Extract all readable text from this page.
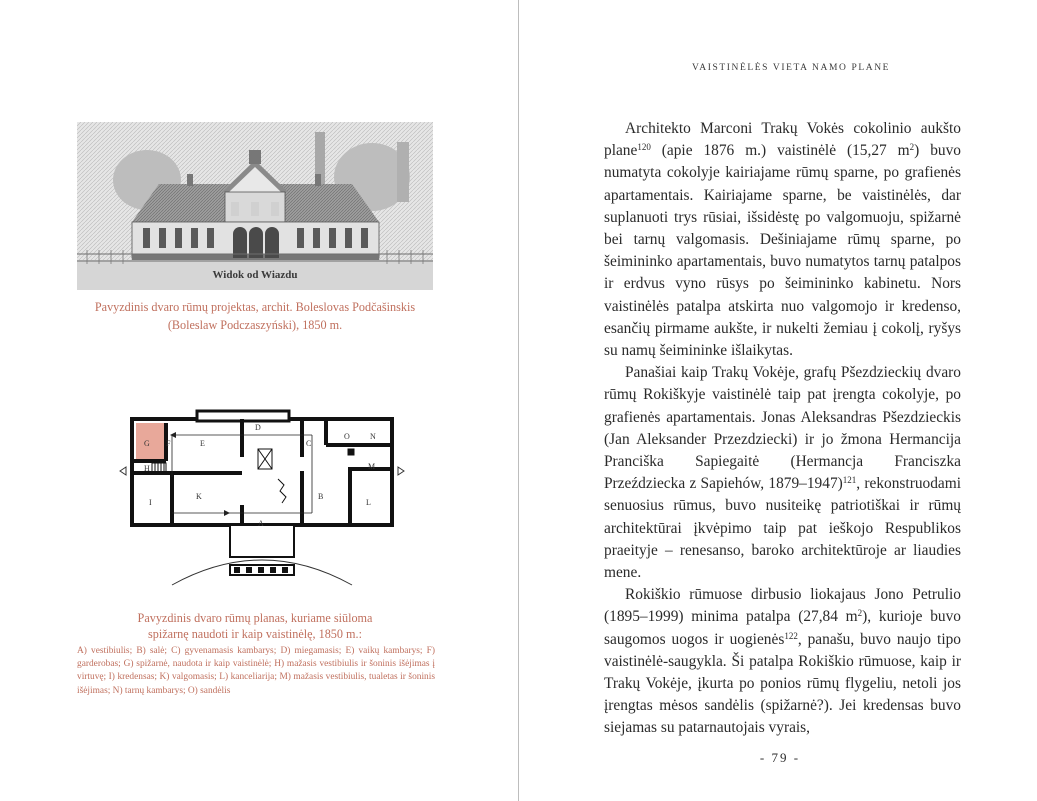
Widok od Wiazdu
Pavyzdinis dvaro rūmų projektas, archit. Boleslovas Podčašinskis (Boleslaw Podczaszyński), 1850 m.
D
G F	E	C
O	N
H	M
I
K	B
L
A
Pavyzdinis dvaro rūmų planas, kuriame siūloma
spižarnę naudoti ir kaip vaistinėlę, 1850 m.:

A) vestibiulis; B) salė; C) gyvenamasis kambarys; D) miegamasis; E) vaikų kambarys; F) garderobas; G) spižarnė, naudota ir kaip vaistinėlė; H) mažasis vestibiulis ir šoninis išėjimas į virtuvę; I) kredensas; K) valgomasis; L) kanceliarija; M) mažasis vestibiulis, tualetas ir šoninis išėjimas; N) tarnų kambarys; O) sandėlis

VAISTINĖLĖS VIETA NAMO PLANE

Architekto Marconi Trakų Vokės cokolinio aukšto plane$^{120}$ (apie 1876 m.) vaistinėlė (15,27 $m^2$) buvo numatyta cokolyje kairiajame rūmų sparne, po grafienės apartamentais. Kairiajame sparne, be vaistinėlės, dar suplanuoti trys rūsiai, išsidėstę po valgomuoju, spižarnė bei tarnų valgomasis. Dešiniajame rūmų sparne, po šeimininko apartamentais, buvo numatytos tarnų patalpos ir erdvus vyno rūsys po šeimininko kabinetu. Nors vaistinėlės patalpa atskirta nuo valgomojo ir kredenso, esančių pirmame aukšte, ir nukelti žemiau į cokolį, ryšys su namų šeimininke išlaikytas.

Panašiai kaip Trakų Vokėje, grafų Pšezdzieckių dvaro rūmų Rokiškyje vaistinėlė taip pat įrengta cokolyje, po grafienės apartamentais. Jonas Aleksandras Pšezdzieckis (Jan Aleksander Przezdziecki) ir jo žmona Hermancija Pranciška Sapiegaitė (Hermancja Franciszka Przeździecka z Sapiehów, 1879–1947)$^{121}$, rekonstruodami senuosius rūmus, buvo nusiteikę patriotiškai ir rūmų architektūrai įkvėpimo taip pat ieškojo Respublikos praeityje – renesanso, baroko architektūroje ar liaudies mene.

Rokiškio rūmuose dirbusio liokajaus Jono Petrulio (1895–1999) minima patalpa (27,84 $m^2$), kurioje buvo saugomos uogos ir uogienės$^{122}$, panašu, buvo naujo tipo vaistinėlė-saugykla. Ši patalpa Rokiškio rūmuose, kaip ir Trakų Vokėje, įkurta po ponios rūmų flygeliu, netoli jos įrengtas mėsos sandėlis (spižarnė?). Jei kredensas buvo siejamas su patarnautojais vyrais,

- 79 -
